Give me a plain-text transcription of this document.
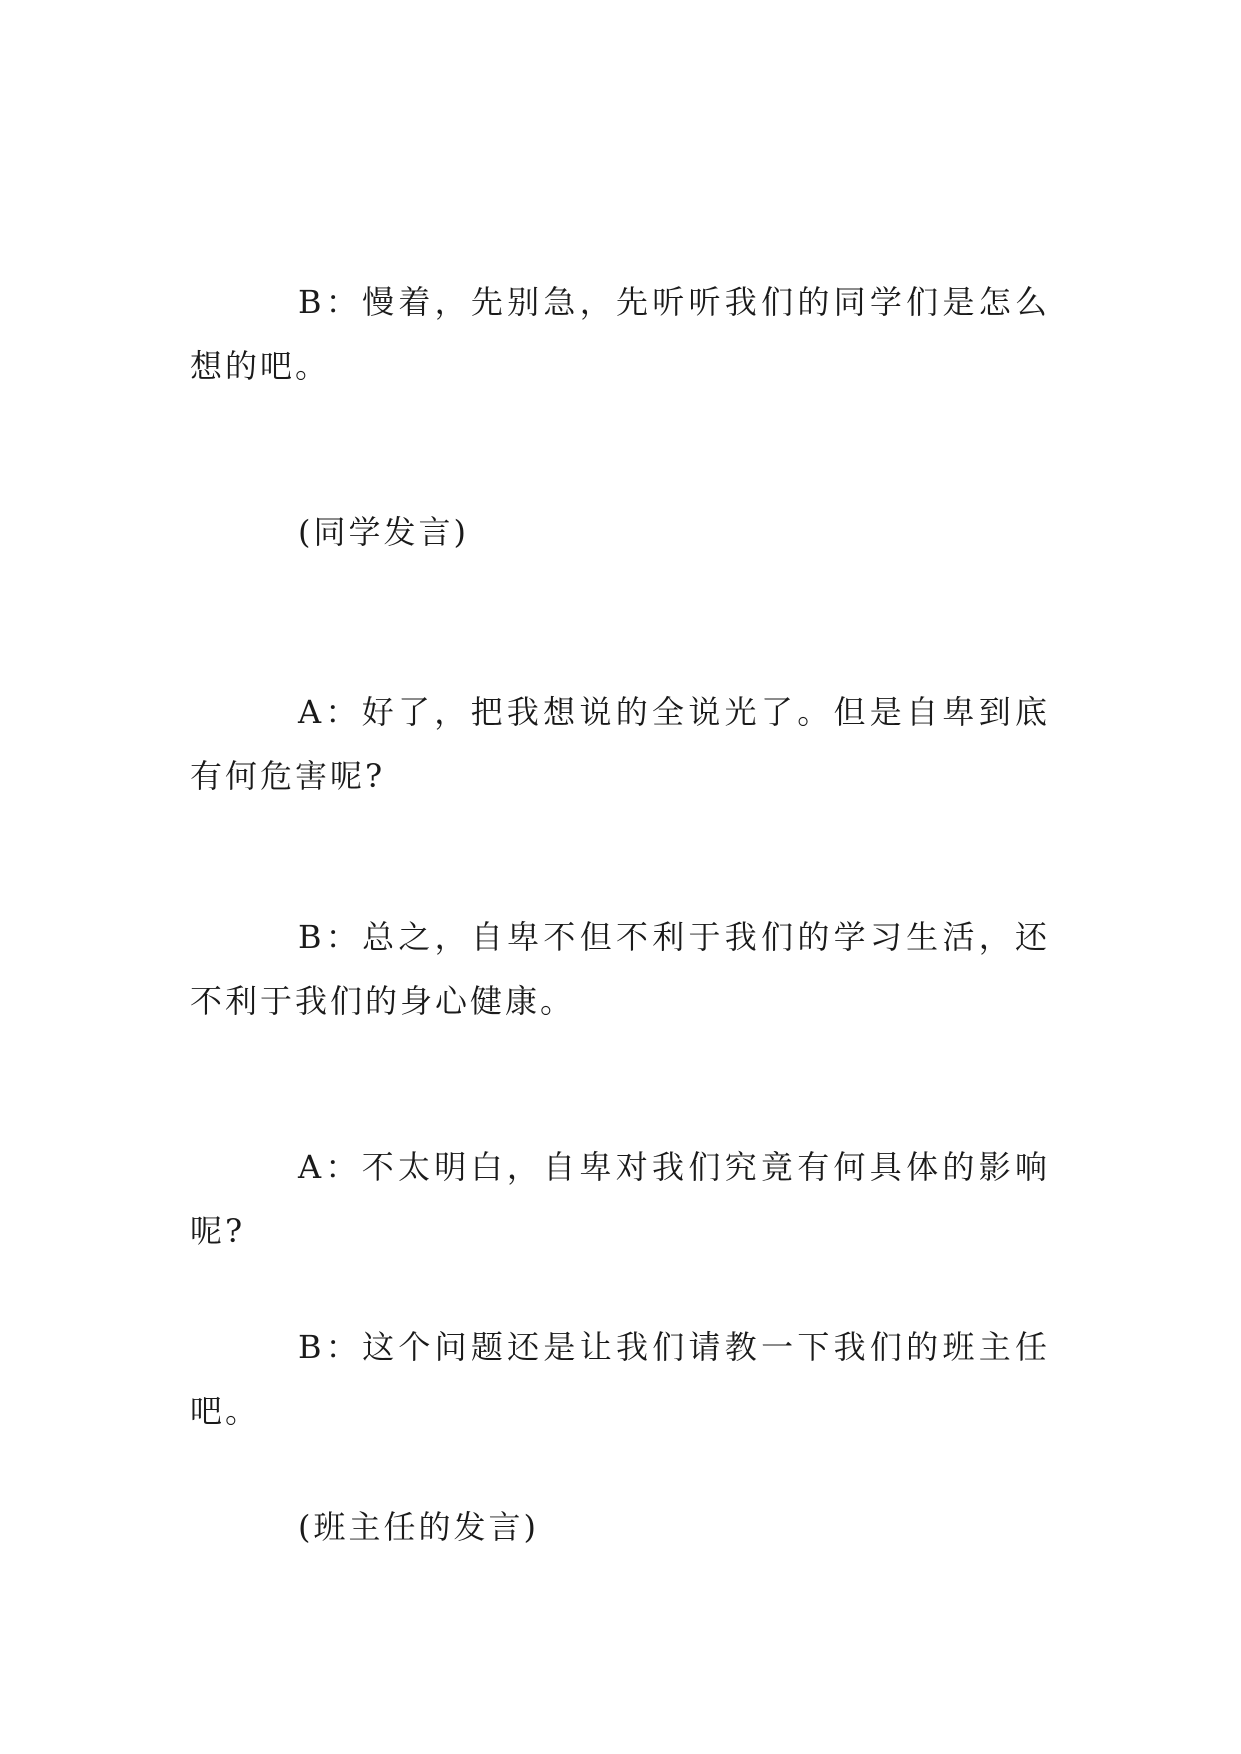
B：慢着，先别急，先听听我们的同学们是怎么想的吧。

(同学发言)

A：好了，把我想说的全说光了。但是自卑到底有何危害呢?

B：总之，自卑不但不利于我们的学习生活，还不利于我们的身心健康。

A：不太明白，自卑对我们究竟有何具体的影响呢?

B：这个问题还是让我们请教一下我们的班主任吧。

(班主任的发言)
